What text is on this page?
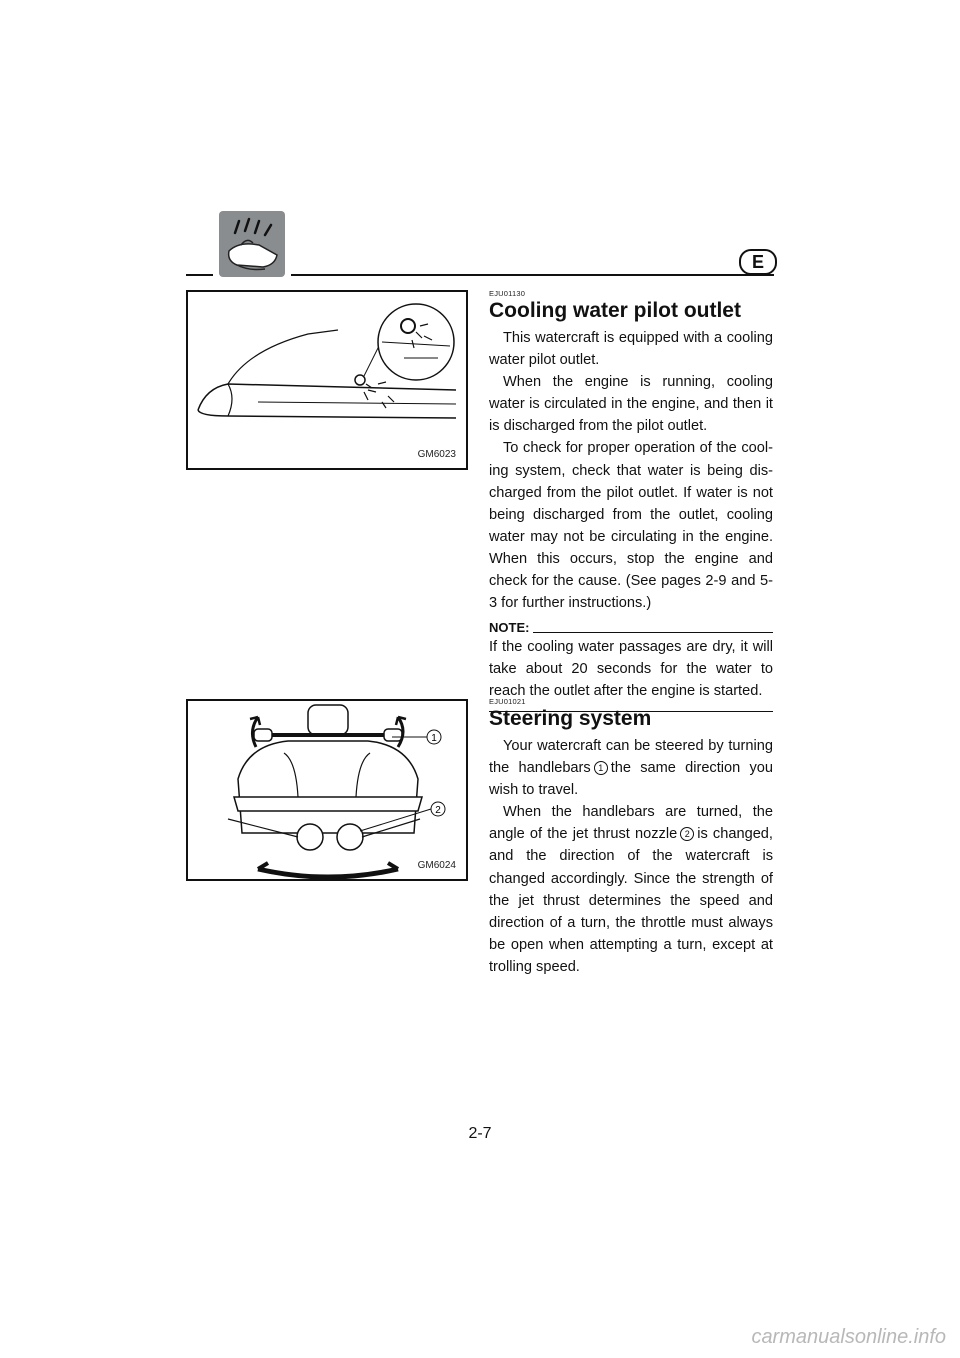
E
GM6023
1
2
GM6024
EJU01130
Cooling water pilot outlet

This watercraft is equipped with a cooling water pilot outlet.

When the engine is running, cooling water is circulated in the engine, and then it is discharged from the pilot outlet.

To check for proper operation of the cool-ing system, check that water is being dis-charged from the pilot outlet. If water is not being discharged from the outlet, cooling water may not be circulating in the engine. When this occurs, stop the engine and check for the cause. (See pages 2-9 and 5-3 for further instructions.)

NOTE:

If the cooling water passages are dry, it will take about 20 seconds for the water to reach the outlet after the engine is started.

EJU01021
Steering system

Your watercraft can be steered by turning the handlebars 1 the same direction you wish to travel.

When the handlebars are turned, the angle of the jet thrust nozzle 2 is changed, and the direction of the watercraft is changed accordingly. Since the strength of the jet thrust determines the speed and direction of a turn, the throttle must always be open when attempting a turn, except at trolling speed.

2-7
carmanualsonline.info
